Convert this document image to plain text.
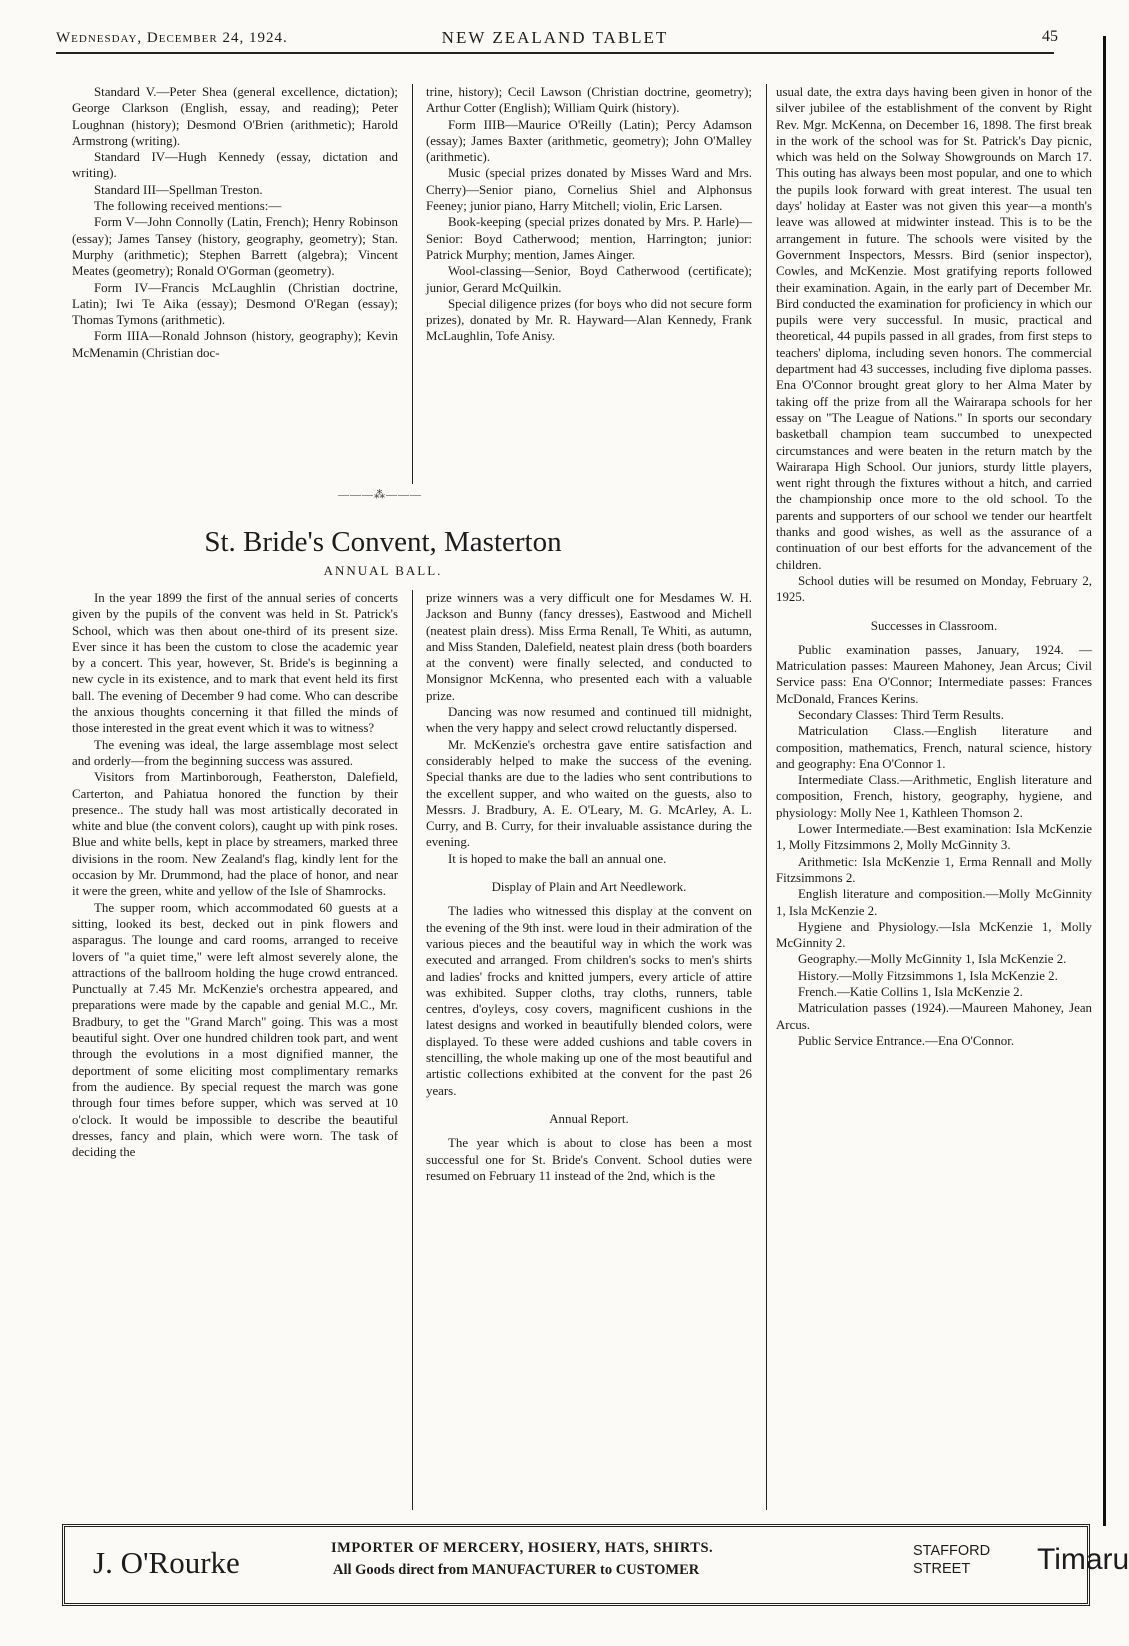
Wednesday, December 24, 1924.	NEW ZEALAND TABLET	45

Standard V.—Peter Shea (general excellence, dictation); George Clarkson (English, essay, and reading); Peter Loughnan (history); Desmond O'Brien (arithmetic); Harold Armstrong (writing).

Standard IV—Hugh Kennedy (essay, dictation and writing).

Standard III—Spellman Treston.

The following received mentions:—

Form V—John Connolly (Latin, French); Henry Robinson (essay); James Tansey (history, geography, geometry); Stan. Murphy (arithmetic); Stephen Barrett (algebra); Vincent Meates (geometry); Ronald O'Gorman (geometry).

Form IV—Francis McLaughlin (Christian doctrine, Latin); Iwi Te Aika (essay); Desmond O'Regan (essay); Thomas Tymons (arithmetic).

Form IIIA—Ronald Johnson (history, geography); Kevin McMenamin (Christian doc-

trine, history); Cecil Lawson (Christian doctrine, geometry); Arthur Cotter (English); William Quirk (history).

Form IIIB—Maurice O'Reilly (Latin); Percy Adamson (essay); James Baxter (arithmetic, geometry); John O'Malley (arithmetic).

Music (special prizes donated by Misses Ward and Mrs. Cherry)—Senior piano, Cornelius Shiel and Alphonsus Feeney; junior piano, Harry Mitchell; violin, Eric Larsen.

Book-keeping (special prizes donated by Mrs. P. Harle)—Senior: Boyd Catherwood; mention, Harrington; junior: Patrick Murphy; mention, James Ainger.

Wool-classing—Senior, Boyd Catherwood (certificate); junior, Gerard McQuilkin.

Special diligence prizes (for boys who did not secure form prizes), donated by Mr. R. Hayward—Alan Kennedy, Frank McLaughlin, Tofe Anisy.

———⁂———
St. Bride's Convent, Masterton
ANNUAL BALL.

In the year 1899 the first of the annual series of concerts given by the pupils of the convent was held in St. Patrick's School, which was then about one-third of its present size. Ever since it has been the custom to close the academic year by a concert. This year, however, St. Bride's is beginning a new cycle in its existence, and to mark that event held its first ball. The evening of December 9 had come. Who can describe the anxious thoughts concerning it that filled the minds of those interested in the great event which it was to witness?

The evening was ideal, the large assemblage most select and orderly—from the beginning success was assured.

Visitors from Martinborough, Featherston, Dalefield, Carterton, and Pahiatua honored the function by their presence.. The study hall was most artistically decorated in white and blue (the convent colors), caught up with pink roses. Blue and white bells, kept in place by streamers, marked three divisions in the room. New Zealand's flag, kindly lent for the occasion by Mr. Drummond, had the place of honor, and near it were the green, white and yellow of the Isle of Shamrocks.

The supper room, which accommodated 60 guests at a sitting, looked its best, decked out in pink flowers and asparagus. The lounge and card rooms, arranged to receive lovers of "a quiet time," were left almost severely alone, the attractions of the ballroom holding the huge crowd entranced. Punctually at 7.45 Mr. McKenzie's orchestra appeared, and preparations were made by the capable and genial M.C., Mr. Bradbury, to get the "Grand March" going. This was a most beautiful sight. Over one hundred children took part, and went through the evolutions in a most dignified manner, the deportment of some eliciting most complimentary remarks from the audience. By special request the march was gone through four times before supper, which was served at 10 o'clock. It would be impossible to describe the beautiful dresses, fancy and plain, which were worn. The task of deciding the

prize winners was a very difficult one for Mesdames W. H. Jackson and Bunny (fancy dresses), Eastwood and Michell (neatest plain dress). Miss Erma Renall, Te Whiti, as autumn, and Miss Standen, Dalefield, neatest plain dress (both boarders at the convent) were finally selected, and conducted to Monsignor McKenna, who presented each with a valuable prize.

Dancing was now resumed and continued till midnight, when the very happy and select crowd reluctantly dispersed.

Mr. McKenzie's orchestra gave entire satisfaction and considerably helped to make the success of the evening. Special thanks are due to the ladies who sent contributions to the excellent supper, and who waited on the guests, also to Messrs. J. Bradbury, A. E. O'Leary, M. G. McArley, A. L. Curry, and B. Curry, for their invaluable assistance during the evening.

It is hoped to make the ball an annual one.

Display of Plain and Art Needlework.

The ladies who witnessed this display at the convent on the evening of the 9th inst. were loud in their admiration of the various pieces and the beautiful way in which the work was executed and arranged. From children's socks to men's shirts and ladies' frocks and knitted jumpers, every article of attire was exhibited. Supper cloths, tray cloths, runners, table centres, d'oyleys, cosy covers, magnificent cushions in the latest designs and worked in beautifully blended colors, were displayed. To these were added cushions and table covers in stencilling, the whole making up one of the most beautiful and artistic collections exhibited at the convent for the past 26 years.

Annual Report.

The year which is about to close has been a most successful one for St. Bride's Convent. School duties were resumed on February 11 instead of the 2nd, which is the

usual date, the extra days having been given in honor of the silver jubilee of the establishment of the convent by Right Rev. Mgr. McKenna, on December 16, 1898. The first break in the work of the school was for St. Patrick's Day picnic, which was held on the Solway Showgrounds on March 17. This outing has always been most popular, and one to which the pupils look forward with great interest. The usual ten days' holiday at Easter was not given this year—a month's leave was allowed at midwinter instead. This is to be the arrangement in future. The schools were visited by the Government Inspectors, Messrs. Bird (senior inspector), Cowles, and McKenzie. Most gratifying reports followed their examination. Again, in the early part of December Mr. Bird conducted the examination for proficiency in which our pupils were very successful. In music, practical and theoretical, 44 pupils passed in all grades, from first steps to teachers' diploma, including seven honors. The commercial department had 43 successes, including five diploma passes. Ena O'Connor brought great glory to her Alma Mater by taking off the prize from all the Wairarapa schools for her essay on "The League of Nations." In sports our secondary basketball champion team succumbed to unexpected circumstances and were beaten in the return match by the Wairarapa High School. Our juniors, sturdy little players, went right through the fixtures without a hitch, and carried the championship once more to the old school. To the parents and supporters of our school we tender our heartfelt thanks and good wishes, as well as the assurance of a continuation of our best efforts for the advancement of the children.

School duties will be resumed on Monday, February 2, 1925.

Successes in Classroom.

Public examination passes, January, 1924. —Matriculation passes: Maureen Mahoney, Jean Arcus; Civil Service pass: Ena O'Connor; Intermediate passes: Frances McDonald, Frances Kerins.

Secondary Classes: Third Term Results.

Matriculation Class.—English literature and composition, mathematics, French, natural science, history and geography: Ena O'Connor 1.

Intermediate Class.—Arithmetic, English literature and composition, French, history, geography, hygiene, and physiology: Molly Nee 1, Kathleen Thomson 2.

Lower Intermediate.—Best examination: Isla McKenzie 1, Molly Fitzsimmons 2, Molly McGinnity 3.

Arithmetic: Isla McKenzie 1, Erma Rennall and Molly Fitzsimmons 2.

English literature and composition.—Molly McGinnity 1, Isla McKenzie 2.

Hygiene and Physiology.—Isla McKenzie 1, Molly McGinnity 2.

Geography.—Molly McGinnity 1, Isla McKenzie 2.

History.—Molly Fitzsimmons 1, Isla McKenzie 2.

French.—Katie Collins 1, Isla McKenzie 2.

Matriculation passes (1924).—Maureen Mahoney, Jean Arcus.

Public Service Entrance.—Ena O'Connor.

J. O'Rourke	IMPORTER OF MERCERY, HOSIERY, HATS, SHIRTS.
All Goods direct from MANUFACTURER to CUSTOMER
STAFFORD STREET	Timaru
